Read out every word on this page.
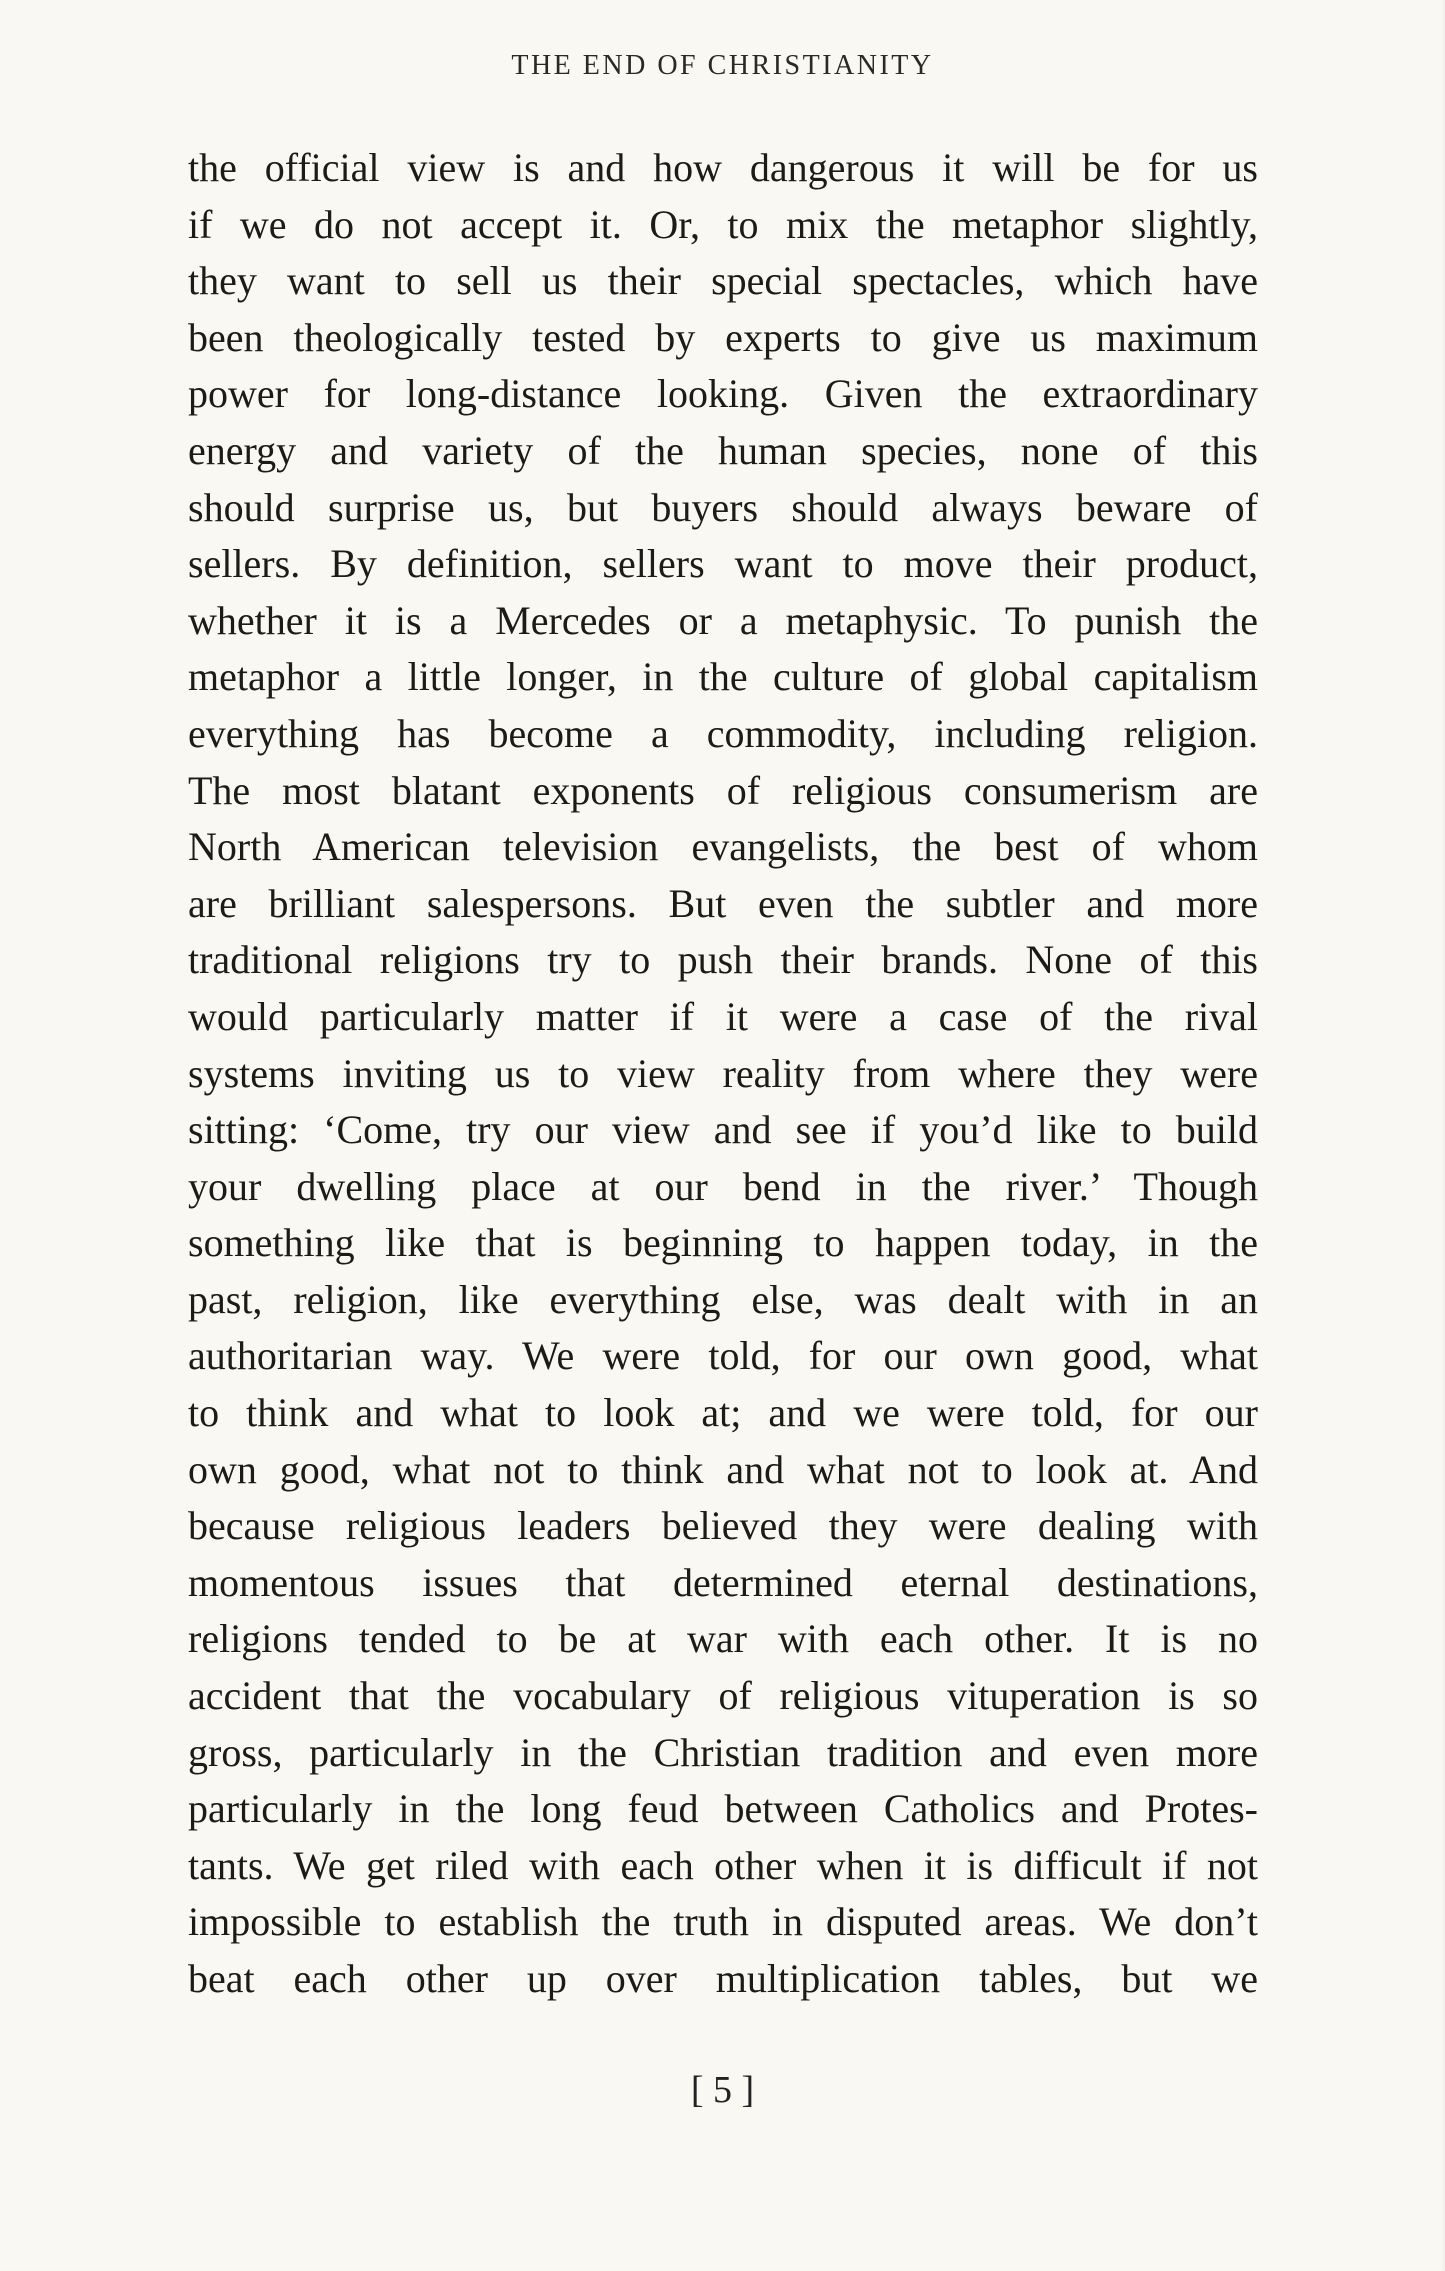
THE END OF CHRISTIANITY
the official view is and how dangerous it will be for us
if we do not accept it. Or, to mix the metaphor slightly,
they want to sell us their special spectacles, which have
been theologically tested by experts to give us maximum
power for long-distance looking. Given the extraordinary
energy and variety of the human species, none of this
should surprise us, but buyers should always beware of
sellers. By definition, sellers want to move their product,
whether it is a Mercedes or a metaphysic. To punish the
metaphor a little longer, in the culture of global capitalism
everything has become a commodity, including religion.
The most blatant exponents of religious consumerism are
North American television evangelists, the best of whom
are brilliant salespersons. But even the subtler and more
traditional religions try to push their brands. None of this
would particularly matter if it were a case of the rival
systems inviting us to view reality from where they were
sitting: ‘Come, try our view and see if you’d like to build
your dwelling place at our bend in the river.’ Though
something like that is beginning to happen today, in the
past, religion, like everything else, was dealt with in an
authoritarian way. We were told, for our own good, what
to think and what to look at; and we were told, for our
own good, what not to think and what not to look at. And
because religious leaders believed they were dealing with
momentous issues that determined eternal destinations,
religions tended to be at war with each other. It is no
accident that the vocabulary of religious vituperation is so
gross, particularly in the Christian tradition and even more
particularly in the long feud between Catholics and Protes-
tants. We get riled with each other when it is difficult if not
impossible to establish the truth in disputed areas. We don’t
beat each other up over multiplication tables, but we
[ 5 ]
